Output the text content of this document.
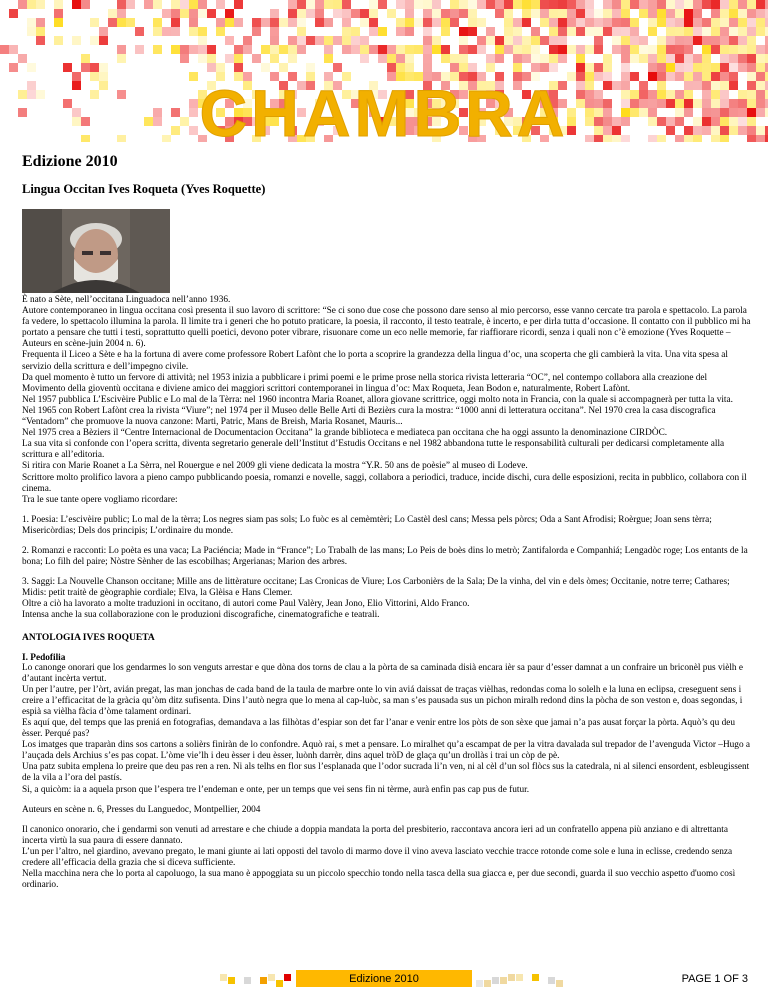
CHAMBRA
Edizione 2010
Lingua Occitan Ives Roqueta (Yves Roquette)

È nato a Sète, nell’occitana Linguadoca nell’anno 1936.

Autore contemporaneo in lingua occitana così presenta il suo lavoro di scrittore: “Se ci sono due cose che possono dare senso al mio percorso, esse vanno cercate tra parola e spettacolo. La parola fa vedere, lo spettacolo illumina la parola. Il limite tra i generi che ho potuto praticare, la poesia, il racconto, il testo teatrale, è incerto, e per dirla tutta d’occasione. Il contatto con il pubblico mi ha portato a pensare che tutti i testi, soprattutto quelli poetici, devono poter vibrare, risuonare come un eco nelle memorie, far riaffiorare ricordi, senza i quali non c’è emozione (Yves Roquette – Auteurs en scène-juin 2004 n. 6).

Frequenta il Liceo a Sète e ha la fortuna di avere come professore Robert Lafònt che lo porta a scoprire la grandezza della lingua d’oc, una scoperta che gli cambierà la vita. Una vita spesa al servizio della scrittura e dell’impegno civile.

Da quel momento è tutto un fervore di attività; nel 1953 inizia a pubblicare i primi poemi e le prime prose nella storica rivista letteraria “OC”, nel contempo collabora alla creazione del Movimento della gioventù occitana e diviene amico dei maggiori scrittori contemporanei in lingua d’oc: Max Roqueta, Jean Bodon e, naturalmente, Robert Lafònt.

Nel 1957 pubblica L’Escivèire Public e Lo mal de la Tèrra: nel 1960 incontra Maria Roanet, allora giovane scrittrice, oggi molto nota in Francia, con la quale si accompagnerà per tutta la vita.

Nel 1965 con Robert Lafònt crea la rivista “Viure”; nel 1974 per il Museo delle Belle Arti di Bezièrs cura la mostra: “1000 anni di letteratura occitana”. Nel 1970 crea la casa discografica “Ventadorn” che promuove la nuova canzone: Marti, Patric, Mans de Breish, Maria Rosanet, Mauris...

Nel 1975 crea a Bèziers il “Centre Internacional de Documentacion Occitana” la grande biblioteca e mediateca pan occitana che ha oggi assunto la denominazione CIRDÒC.

La sua vita si confonde con l’opera scritta, diventa segretario generale dell’Institut d’Estudis Occitans e nel 1982 abbandona tutte le responsabilità culturali per dedicarsi completamente alla scrittura e all’editoria.

Si ritira con Marie Roanet a La Sèrra, nel Rouergue e nel 2009 gli viene dedicata la mostra “Y.R. 50 ans de poèsie” al museo di Lodeve.

Scrittore molto prolifico lavora a pieno campo pubblicando poesia, romanzi e novelle, saggi, collabora a periodici, traduce, incide dischi, cura delle esposizioni, recita in pubblico, collabora con il cinema.

Tra le sue tante opere vogliamo ricordare:

1. Poesia: L’escivèire public; Lo mal de la tèrra; Los negres siam pas sols; Lo fuòc es al cemèmtèri; Lo Castèl desl cans; Messa pels pòrcs; Oda a Sant Afrodisi; Roèrgue; Joan sens tèrra; Misericòrdias; Dels dos principis; L’ordinaire du monde.

2. Romanzi e racconti: Lo poèta es una vaca; La Paciéncia; Made in “France”; Lo Trabalh de las mans; Lo Peis de boès dins lo metrò; Zantifalorda e Companhiá; Lengadòc roge; Los entants de la bona; Lo filh del paire; Nòstre Sènher de las escobilhas; Argerianas; Marion des arbres.

3. Saggi: La Nouvelle Chanson occitane; Mille ans de littèrature occitane; Las Cronicas de Viure; Los Carbonièrs de la Sala; De la vinha, del vin e dels òmes; Occitanie, notre terre; Cathares; Midis: petit traitè de gèographie cordiale; Elva, la Glèisa e Hans Clemer.

Oltre a ciò ha lavorato a molte traduzioni in occitano, di autori come Paul Valèry, Jean Jono, Elio Vittorini, Aldo Franco.

Intensa anche la sua collaborazione con le produzioni discografiche, cinematografiche e teatrali.

ANTOLOGIA IVES ROQUETA
I. Pedofilia

Lo canonge onorari que los gendarmes lo son venguts arrestar e que dòna dos torns de clau a la pòrta de sa caminada disià encara ièr sa paur d’esser damnat a un confraire un briconèl pus vièlh e d’autant incèrta vertut.

Un per l’autre, per l’òrt, avián pregat, las man jonchas de cada band de la taula de marbre onte lo vin aviá daissat de traças vièlhas, redondas coma lo solelh e la luna en eclipsa, creseguent sens i creire a l’efficacitat de la gràcia qu’òm ditz sufisenta. Dins l’autò negra que lo mena al cap-luòc, sa man s’es pausada sus un pichon miralh redond dins la pòcha de son veston e, doas segondas, i espià sa vièlha fàcia d’òme talament ordinari.

Es aquí que, del temps que las preniá en fotografias, demandava a las filhòtas d’espiar son det far l’anar e venir entre los pòts de son sèxe que jamai n’a pas ausat forçar la pòrta. Aquò’s qu deu èsser. Perqué pas?

Los imatges que traparàn dins sos cartons a solièrs finiràn de lo confondre. Aquò rai, s met a pensare. Lo miralhet qu’a escampat de per la vitra davalada sul trepador de l’avenguda Victor –Hugo a l’auçada dels Archius s’es pas copat. L’òme vie’lh i deu èsser i deu èsser, luònh darrèr, dins aquel tròD de glaça qu’un drollàs i trai un còp de pè.

Una patz subita emplena lo preire que deu pas ren a ren. Ni als telhs en flor sus l’esplanada que l’odor sucrada li’n ven, ni al cèl d’un sol flòcs sus la catedrala, ni al silenci ensordent, esbleugissent de la vila a l’ora del pastís.

Si, a quicòm: ia a aquela prson que l’espera tre l’endeman e onte, per un temps que vei sens fin ni tèrme, aurà enfin pas cap pus de futur.

Auteurs en scène n. 6, Presses du Languedoc, Montpellier, 2004

Il canonico onorario, che i gendarmi son venuti ad arrestare e che chiude a doppia mandata la porta del presbiterio, raccontava ancora ieri ad un confratello appena più anziano e di altrettanta incerta virtù la sua paura di essere dannato.

L’un per l’altro, nel giardino, avevano pregato, le mani giunte ai lati opposti del tavolo di marmo dove il vino aveva lasciato vecchie tracce rotonde come sole e luna in eclisse, credendo senza credere all’efficacia della grazia che si diceva sufficiente.

Nella macchina nera che lo porta al capoluogo, la sua mano è appoggiata su un piccolo specchio tondo nella tasca della sua giacca e, per due secondi, guarda il suo vecchio aspetto d'uomo così ordinario.

Edizione 2010	PAGE 1 OF 3
